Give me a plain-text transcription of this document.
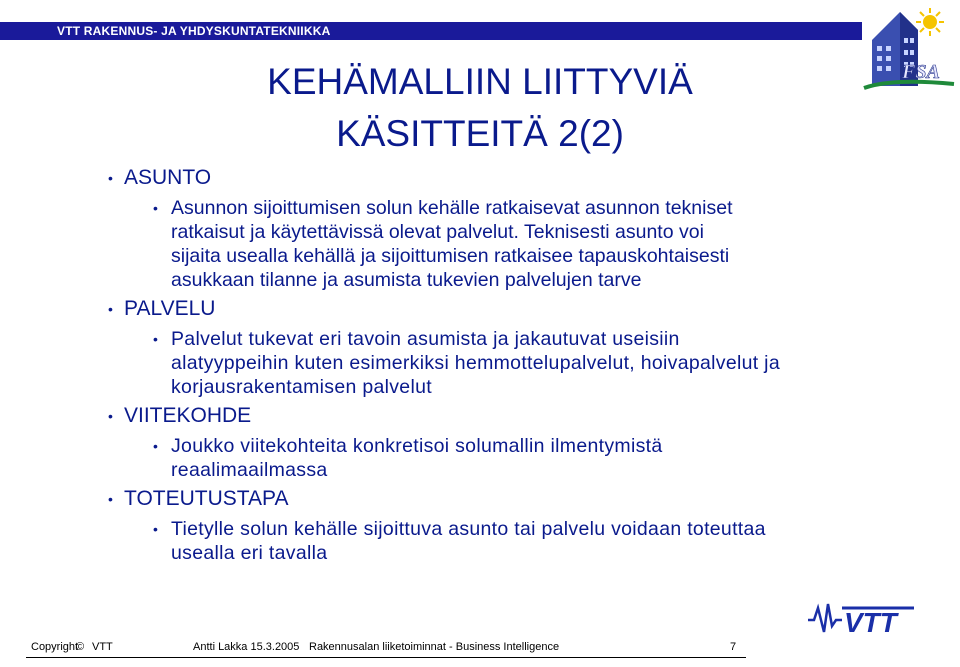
VTT RAKENNUS- JA YHDYSKUNTATEKNIIKKA
FSA
KEHÄMALLIIN LIITTYVIÄ
KÄSITTEITÄ 2(2)
• ASUNTO
• Asunnon sijoittumisen solun kehälle ratkaisevat asunnon tekniset
ratkaisut ja käytettävissä olevat palvelut. Teknisesti asunto voi
sijaita usealla kehällä ja sijoittumisen ratkaisee tapauskohtaisesti
asukkaan tilanne ja asumista tukevien palvelujen tarve
• PALVELU
• Palvelut tukevat eri tavoin asumista ja jakautuvat useisiin
alatyyppeihin kuten esimerkiksi hemmottelupalvelut, hoivapalvelut ja
korjausrakentamisen palvelut
• VIITEKOHDE
• Joukko viitekohteita konkretisoi solumallin ilmentymistä
reaalimaailmassa
• TOTEUTUSTAPA
• Tietylle solun kehälle sijoittuva asunto tai palvelu voidaan toteuttaa
usealla eri tavalla
VTT
Copyright
© VTT	Antti Lakka 15.3.2005 Rakennusalan liiketoiminnat - Business Intelligence	7
